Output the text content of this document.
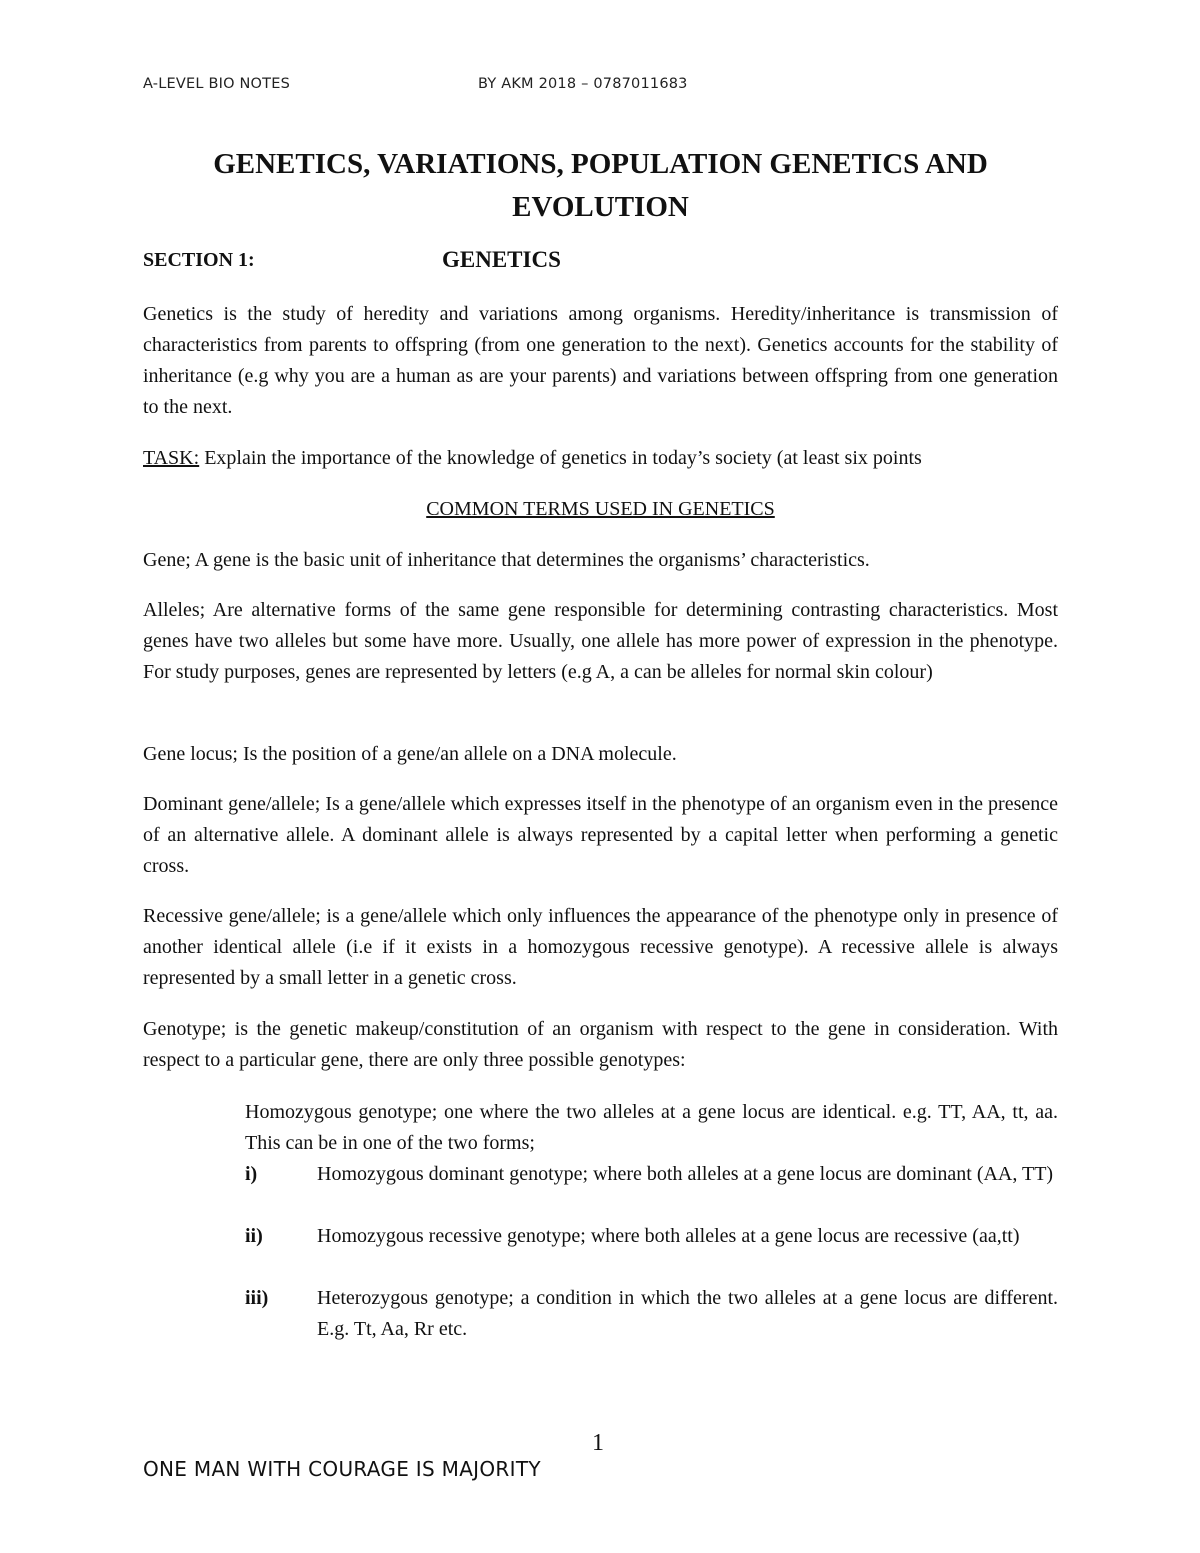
A-LEVEL BIO NOTES	BY AKM 2018 – 0787011683
GENETICS, VARIATIONS, POPULATION GENETICS AND
EVOLUTION
SECTION 1:	GENETICS

Genetics is the study of heredity and variations among organisms. Heredity/inheritance is transmission of characteristics from parents to offspring (from one generation to the next). Genetics accounts for the stability of inheritance (e.g why you are a human as are your parents) and variations between offspring from one generation to the next.

TASK: Explain the importance of the knowledge of genetics in today’s society (at least six points

COMMON TERMS USED IN GENETICS

Gene; A gene is the basic unit of inheritance that determines the organisms’ characteristics.

Alleles; Are alternative forms of the same gene responsible for determining contrasting characteristics. Most genes have two alleles but some have more. Usually, one allele has more power of expression in the phenotype. For study purposes, genes are represented by letters (e.g A, a can be alleles for normal skin colour)

Gene locus; Is the position of a gene/an allele on a DNA molecule.

Dominant gene/allele; Is a gene/allele which expresses itself in the phenotype of an organism even in the presence of an alternative allele. A dominant allele is always represented by a capital letter when performing a genetic cross.

Recessive gene/allele; is a gene/allele which only influences the appearance of the phenotype only in presence of another identical allele (i.e if it exists in a homozygous recessive genotype). A recessive allele is always represented by a small letter in a genetic cross.

Genotype; is the genetic makeup/constitution of an organism with respect to the gene in consideration. With respect to a particular gene, there are only three possible genotypes:

Homozygous genotype; one where the two alleles at a gene locus are identical. e.g. TT, AA, tt, aa. This can be in one of the two forms;

i)	Homozygous dominant genotype; where both alleles at a gene locus are dominant (AA, TT)
ii)	Homozygous recessive genotype; where both alleles at a gene locus are recessive (aa,tt)
iii) Heterozygous genotype; a condition in which the two alleles at a gene locus are different. E.g. Tt, Aa, Rr etc.
1
ONE MAN WITH COURAGE IS MAJORITY
